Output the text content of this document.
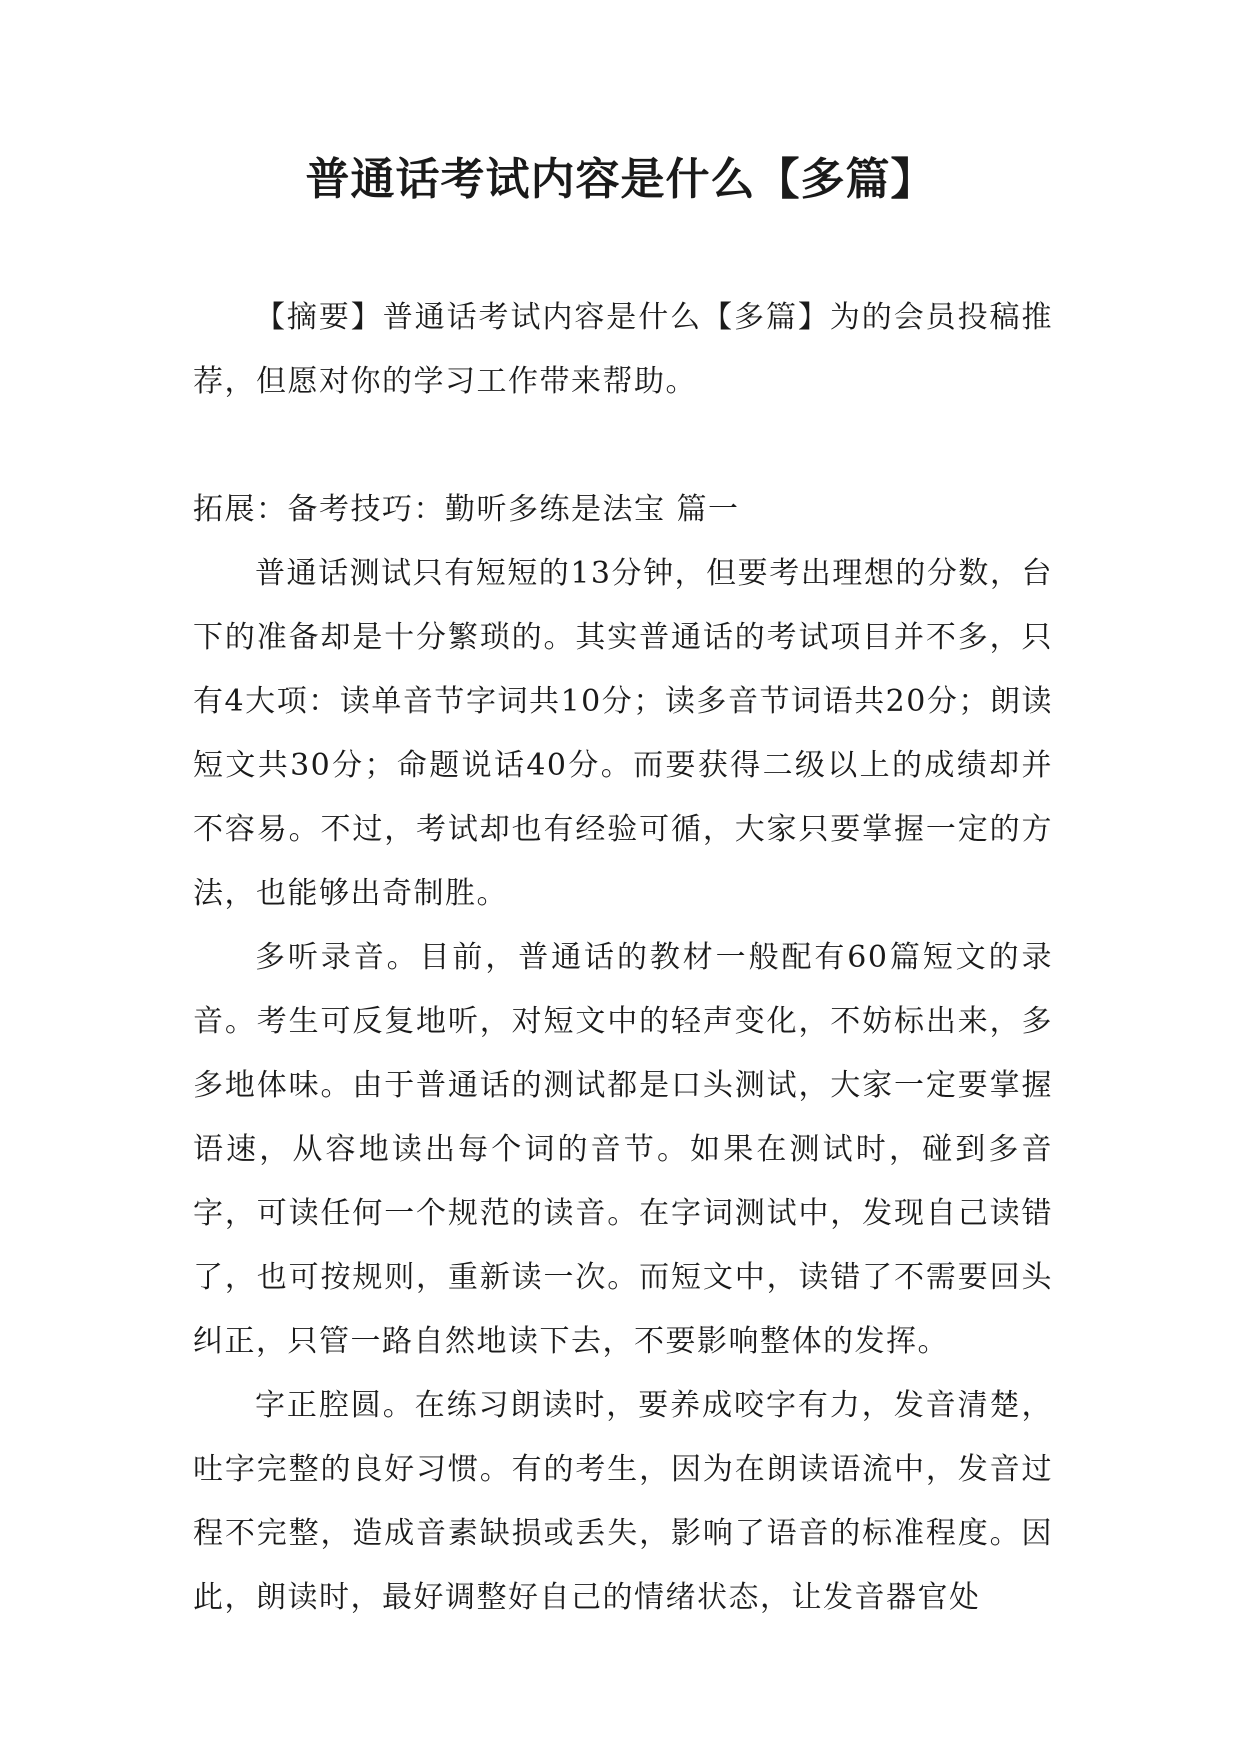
普通话考试内容是什么【多篇】

【摘要】普通话考试内容是什么【多篇】为的会员投稿推荐，但愿对你的学习工作带来帮助。

拓展：备考技巧：勤听多练是法宝 篇一

普通话测试只有短短的13分钟，但要考出理想的分数，台下的准备却是十分繁琐的。其实普通话的考试项目并不多，只有4大项：读单音节字词共10分；读多音节词语共20分；朗读短文共30分；命题说话40分。而要获得二级以上的成绩却并不容易。不过，考试却也有经验可循，大家只要掌握一定的方法，也能够出奇制胜。

多听录音。目前，普通话的教材一般配有60篇短文的录音。考生可反复地听，对短文中的轻声变化，不妨标出来，多多地体味。由于普通话的测试都是口头测试，大家一定要掌握语速，从容地读出每个词的音节。如果在测试时，碰到多音字，可读任何一个规范的读音。在字词测试中，发现自己读错了，也可按规则，重新读一次。而短文中，读错了不需要回头纠正，只管一路自然地读下去，不要影响整体的发挥。

字正腔圆。在练习朗读时，要养成咬字有力，发音清楚，吐字完整的良好习惯。有的考生，因为在朗读语流中，发音过程不完整，造成音素缺损或丢失，影响了语音的标准程度。因此，朗读时，最好调整好自己的情绪状态，让发音器官处
